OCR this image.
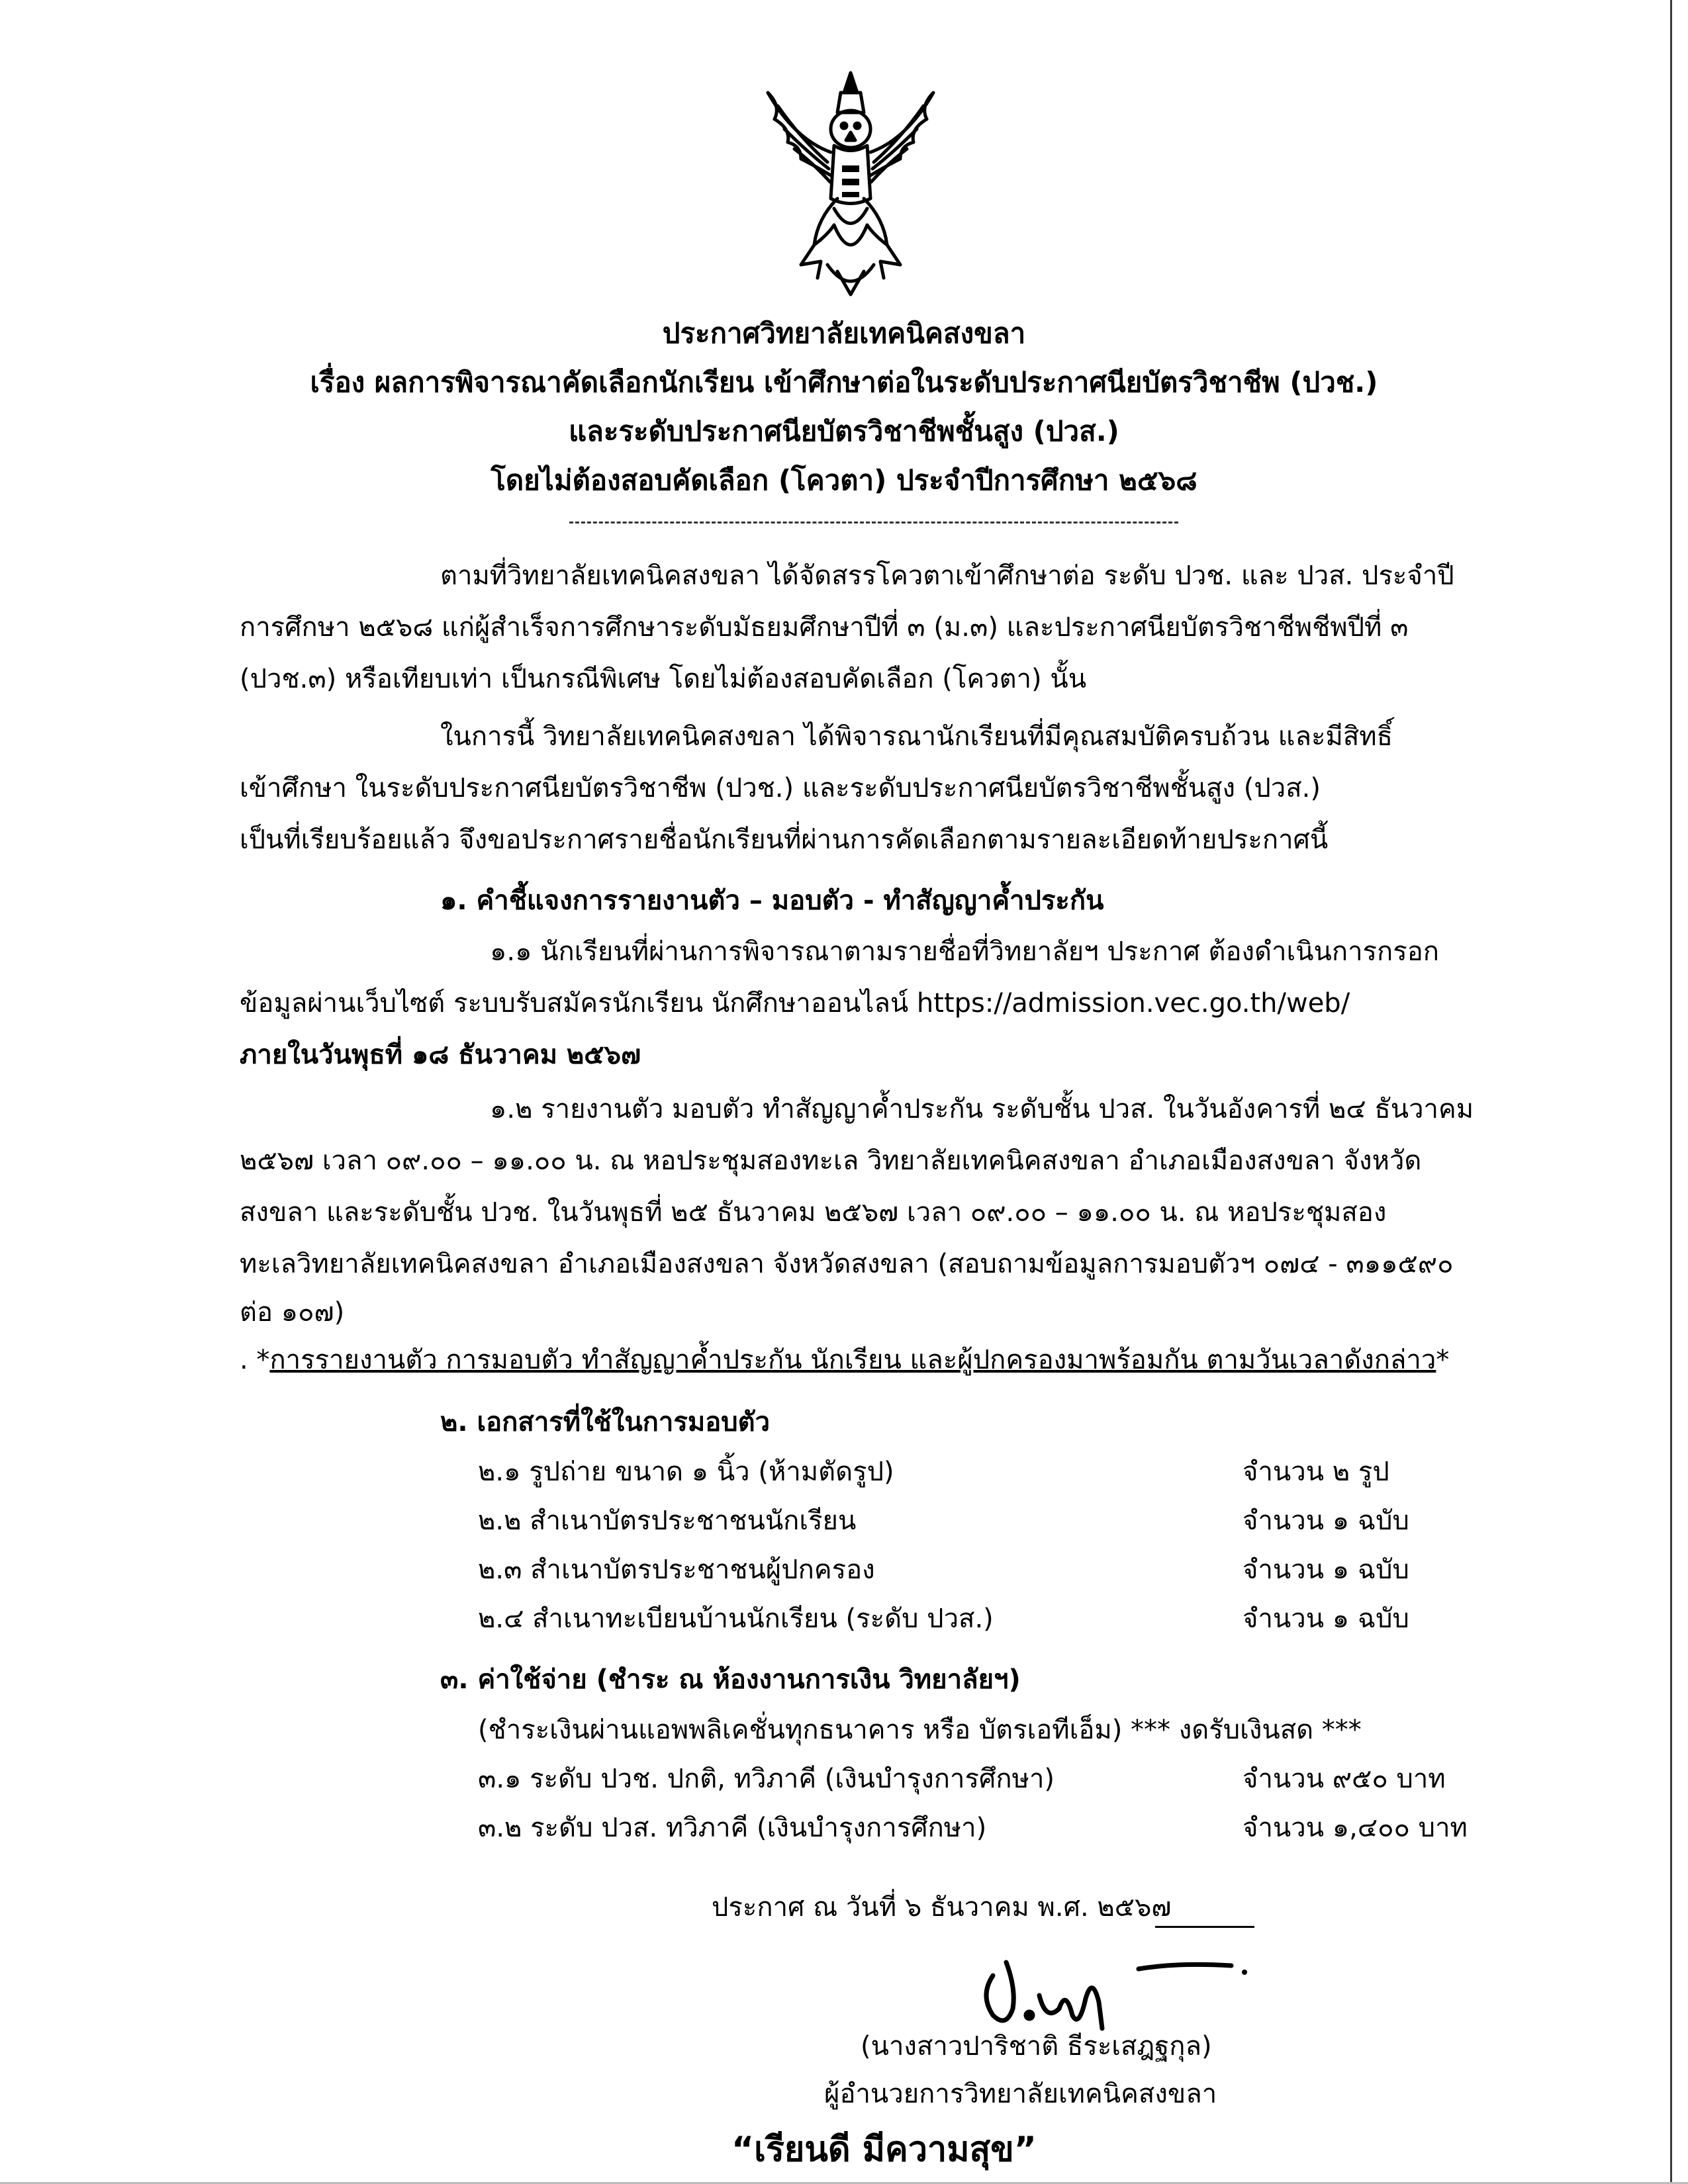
ประกาศวิทยาลัยเทคนิคสงขลา
เรื่อง ผลการพิจารณาคัดเลือกนักเรียน เข้าศึกษาต่อในระดับประกาศนียบัตรวิชาชีพ (ปวช.)
และระดับประกาศนียบัตรวิชาชีพชั้นสูง (ปวส.)
โดยไม่ต้องสอบคัดเลือก (โควตา) ประจำปีการศึกษา ๒๕๖๘
ตามที่วิทยาลัยเทคนิคสงขลา ได้จัดสรรโควตาเข้าศึกษาต่อ ระดับ ปวช. และ ปวส. ประจำปี
การศึกษา ๒๕๖๘ แก่ผู้สำเร็จการศึกษาระดับมัธยมศึกษาปีที่ ๓ (ม.๓) และประกาศนียบัตรวิชาชีพชีพปีที่ ๓
(ปวช.๓) หรือเทียบเท่า เป็นกรณีพิเศษ โดยไม่ต้องสอบคัดเลือก (โควตา) นั้น
ในการนี้ วิทยาลัยเทคนิคสงขลา ได้พิจารณานักเรียนที่มีคุณสมบัติครบถ้วน และมีสิทธิ์
เข้าศึกษา ในระดับประกาศนียบัตรวิชาชีพ (ปวช.) และระดับประกาศนียบัตรวิชาชีพชั้นสูง (ปวส.)
เป็นที่เรียบร้อยแล้ว จึงขอประกาศรายชื่อนักเรียนที่ผ่านการคัดเลือกตามรายละเอียดท้ายประกาศนี้
๑. คำชี้แจงการรายงานตัว – มอบตัว - ทำสัญญาค้ำประกัน
๑.๑ นักเรียนที่ผ่านการพิจารณาตามรายชื่อที่วิทยาลัยฯ ประกาศ ต้องดำเนินการกรอก
ข้อมูลผ่านเว็บไซต์ ระบบรับสมัครนักเรียน นักศึกษาออนไลน์ https://admission.vec.go.th/web/
ภายในวันพุธที่ ๑๘ ธันวาคม ๒๕๖๗
๑.๒ รายงานตัว มอบตัว ทำสัญญาค้ำประกัน ระดับชั้น ปวส. ในวันอังคารที่ ๒๔ ธันวาคม
๒๕๖๗ เวลา ๐๙.๐๐ – ๑๑.๐๐ น. ณ หอประชุมสองทะเล วิทยาลัยเทคนิคสงขลา อำเภอเมืองสงขลา จังหวัด
สงขลา และระดับชั้น ปวช. ในวันพุธที่ ๒๕ ธันวาคม ๒๕๖๗ เวลา ๐๙.๐๐ – ๑๑.๐๐ น. ณ หอประชุมสอง
ทะเลวิทยาลัยเทคนิคสงขลา อำเภอเมืองสงขลา จังหวัดสงขลา (สอบถามข้อมูลการมอบตัวฯ ๐๗๔ - ๓๑๑๕๙๐
ต่อ ๑๐๗)
. *การรายงานตัว การมอบตัว ทำสัญญาค้ำประกัน นักเรียน และผู้ปกครองมาพร้อมกัน ตามวันเวลาดังกล่าว*
๒. เอกสารที่ใช้ในการมอบตัว
๒.๑ รูปถ่าย ขนาด ๑ นิ้ว (ห้ามตัดรูป)	จำนวน ๒ รูป
๒.๒ สำเนาบัตรประชาชนนักเรียน	จำนวน ๑ ฉบับ
๒.๓ สำเนาบัตรประชาชนผู้ปกครอง	จำนวน ๑ ฉบับ
๒.๔ สำเนาทะเบียนบ้านนักเรียน (ระดับ ปวส.)	จำนวน ๑ ฉบับ
๓. ค่าใช้จ่าย (ชำระ ณ ห้องงานการเงิน วิทยาลัยฯ)
(ชำระเงินผ่านแอพพลิเคชั่นทุกธนาคาร หรือ บัตรเอทีเอ็ม) *** งดรับเงินสด ***
๓.๑ ระดับ ปวช. ปกติ, ทวิภาคี (เงินบำรุงการศึกษา)	จำนวน ๙๕๐ บาท
๓.๒ ระดับ ปวส. ทวิภาคี (เงินบำรุงการศึกษา)	จำนวน ๑,๔๐๐ บาท
ประกาศ ณ วันที่ ๖ ธันวาคม พ.ศ. ๒๕๖๗
(นางสาวปาริชาติ ธีระเสฎฐกุล)
ผู้อำนวยการวิทยาลัยเทคนิคสงขลา
“เรียนดี มีความสุข”
